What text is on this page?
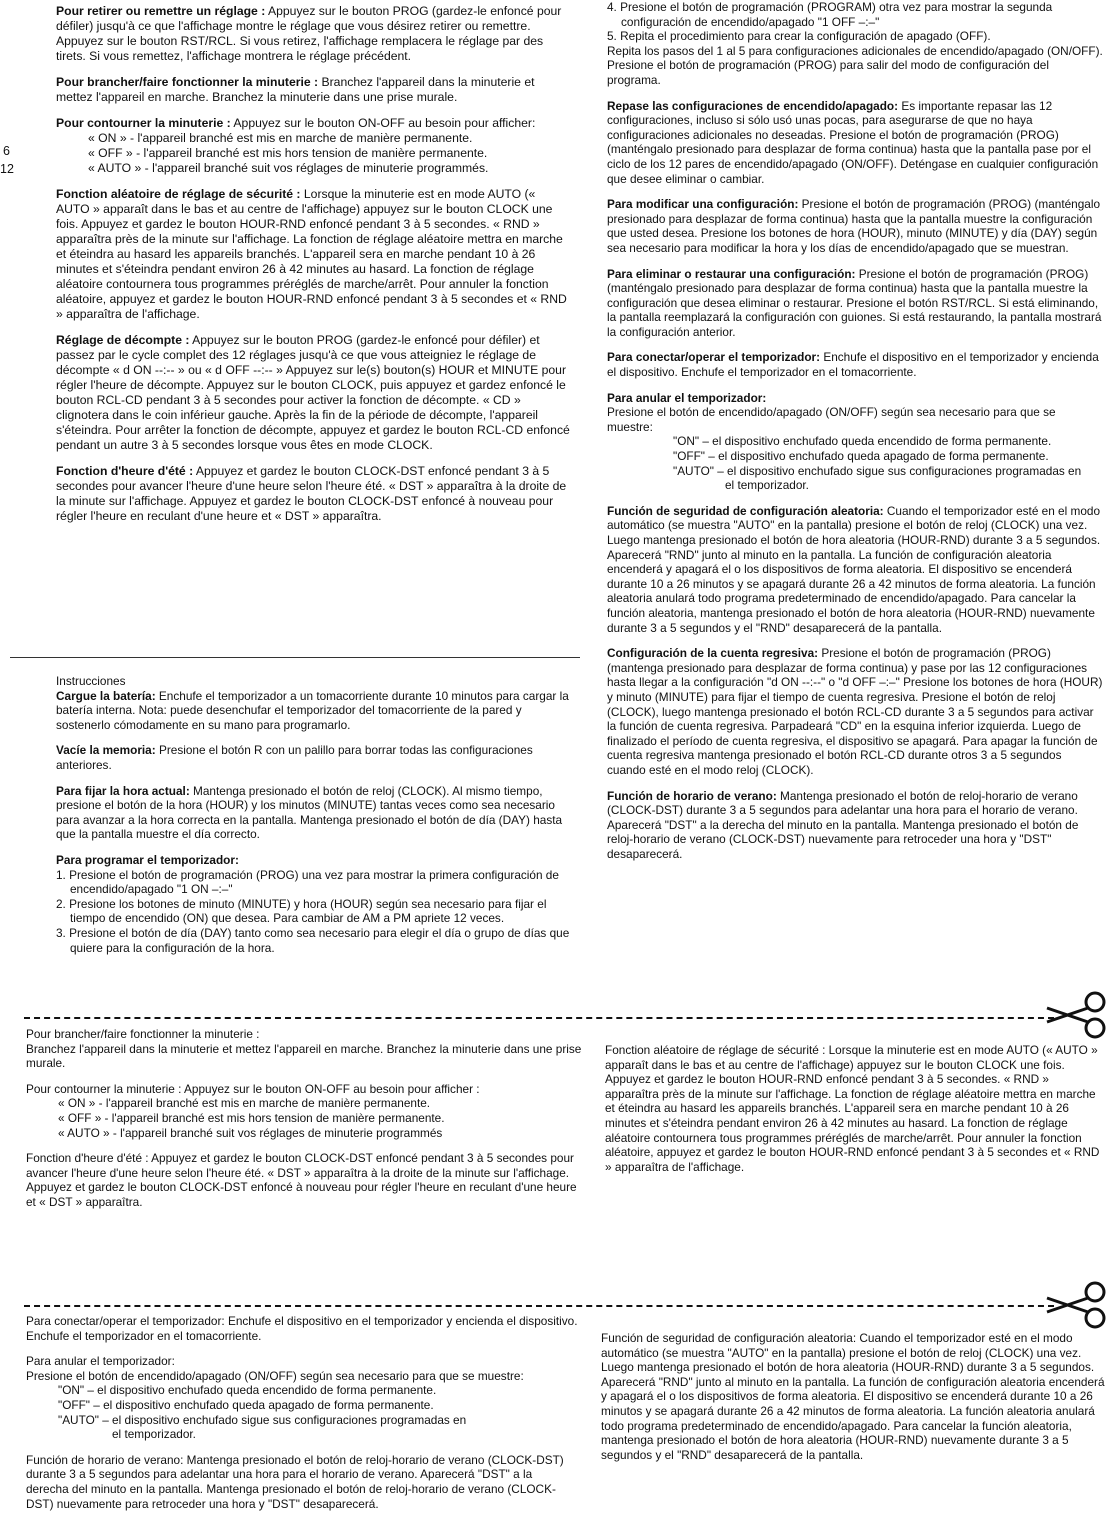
6
12

Pour retirer ou remettre un réglage : Appuyez sur le bouton PROG (gardez-le enfoncé pour défiler) jusqu'à ce que l'affichage montre le réglage que vous désirez retirer ou remettre. Appuyez sur le bouton RST/RCL. Si vous retirez, l'affichage remplacera le réglage par des tirets. Si vous remettez, l'affichage montrera le réglage précédent.

Pour brancher/faire fonctionner la minuterie : Branchez l'appareil dans la minuterie et mettez l'appareil en marche. Branchez la minuterie dans une prise murale.

Pour contourner la minuterie : Appuyez sur le bouton ON-OFF au besoin pour afficher:

« ON » - l'appareil branché est mis en marche de manière permanente.
« OFF » - l'appareil branché est mis hors tension de manière permanente.
« AUTO » - l'appareil branché suit vos réglages de minuterie programmés.

Fonction aléatoire de réglage de sécurité : Lorsque la minuterie est en mode AUTO (« AUTO » apparaît dans le bas et au centre de l'affichage) appuyez sur le bouton CLOCK une fois. Appuyez et gardez le bouton HOUR-RND enfoncé pendant 3 à 5 secondes. « RND » apparaîtra près de la minute sur l'affichage. La fonction de réglage aléatoire mettra en marche et éteindra au hasard les appareils branchés. L'appareil sera en marche pendant 10 à 26 minutes et s'éteindra pendant environ 26 à 42 minutes au hasard. La fonction de réglage aléatoire contournera tous programmes préréglés de marche/arrêt. Pour annuler la fonction aléatoire, appuyez et gardez le bouton HOUR-RND enfoncé pendant 3 à 5 secondes et « RND » apparaîtra de l'affichage.

Réglage de décompte : Appuyez sur le bouton PROG (gardez-le enfoncé pour défiler) et passez par le cycle complet des 12 réglages jusqu'à ce que vous atteigniez le réglage de décompte « d ON --:-- » ou « d OFF --:-- » Appuyez sur le(s) bouton(s) HOUR et MINUTE pour régler l'heure de décompte. Appuyez sur le bouton CLOCK, puis appuyez et gardez enfoncé le bouton RCL-CD pendant 3 à 5 secondes pour activer la fonction de décompte. « CD » clignotera dans le coin inférieur gauche. Après la fin de la période de décompte, l'appareil s'éteindra. Pour arrêter la fonction de décompte, appuyez et gardez le bouton RCL-CD enfoncé pendant un autre 3 à 5 secondes lorsque vous êtes en mode CLOCK.

Fonction d'heure d'été : Appuyez et gardez le bouton CLOCK-DST enfoncé pendant 3 à 5 secondes pour avancer l'heure d'une heure selon l'heure été. « DST » apparaîtra à la droite de la minute sur l'affichage. Appuyez et gardez le bouton CLOCK-DST enfoncé à nouveau pour régler l'heure en reculant d'une heure et « DST » apparaîtra.

Instrucciones

Cargue la batería: Enchufe el temporizador a un tomacorriente durante 10 minutos para cargar la batería interna. Nota: puede desenchufar el temporizador del tomacorriente de la pared y sostenerlo cómodamente en su mano para programarlo.

Vacíe la memoria: Presione el botón R con un palillo para borrar todas las configuraciones anteriores.

Para fijar la hora actual: Mantenga presionado el botón de reloj (CLOCK). Al mismo tiempo, presione el botón de la hora (HOUR) y los minutos (MINUTE) tantas veces como sea necesario para avanzar a la hora correcta en la pantalla. Mantenga presionado el botón de día (DAY) hasta que la pantalla muestre el día correcto.

Para programar el temporizador:
1. Presione el botón de programación (PROG) una vez para mostrar la primera configuración de encendido/apagado "1 ON –:–"
2. Presione los botones de minuto (MINUTE) y hora (HOUR) según sea necesario para fijar el tiempo de encendido (ON) que desea. Para cambiar de AM a PM apriete 12 veces.
3. Presione el botón de día (DAY) tanto como sea necesario para elegir el día o grupo de días que quiere para la configuración de la hora.
4. Presione el botón de programación (PROGRAM) otra vez para mostrar la segunda configuración de encendido/apagado "1 OFF –:–"
5. Repita el procedimiento para crear la configuración de apagado (OFF).

Repita los pasos del 1 al 5 para configuraciones adicionales de encendido/apagado (ON/OFF). Presione el botón de programación (PROG) para salir del modo de configuración del programa.

Repase las configuraciones de encendido/apagado: Es importante repasar las 12 configuraciones, incluso si sólo usó unas pocas, para asegurarse de que no haya configuraciones adicionales no deseadas. Presione el botón de programación (PROG) (manténgalo presionado para desplazar de forma continua) hasta que la pantalla pase por el ciclo de los 12 pares de encendido/apagado (ON/OFF). Deténgase en cualquier configuración que desee eliminar o cambiar.

Para modificar una configuración: Presione el botón de programación (PROG) (manténgalo presionado para desplazar de forma continua) hasta que la pantalla muestre la configuración que usted desea. Presione los botones de hora (HOUR), minuto (MINUTE) y día (DAY) según sea necesario para modificar la hora y los días de encendido/apagado que se muestran.

Para eliminar o restaurar una configuración: Presione el botón de programación (PROG) (manténgalo presionado para desplazar de forma continua) hasta que la pantalla muestre la configuración que desea eliminar o restaurar. Presione el botón RST/RCL. Si está eliminando, la pantalla reemplazará la configuración con guiones. Si está restaurando, la pantalla mostrará la configuración anterior.

Para conectar/operar el temporizador: Enchufe el dispositivo en el temporizador y encienda el dispositivo. Enchufe el temporizador en el tomacorriente.

Para anular el temporizador:
Presione el botón de encendido/apagado (ON/OFF) según sea necesario para que se muestre:
"ON" – el dispositivo enchufado queda encendido de forma permanente.
"OFF" – el dispositivo enchufado queda apagado de forma permanente.
"AUTO" – el dispositivo enchufado sigue sus configuraciones programadas en
el temporizador.

Función de seguridad de configuración aleatoria: Cuando el temporizador esté en el modo automático (se muestra "AUTO" en la pantalla) presione el botón de reloj (CLOCK) una vez. Luego mantenga presionado el botón de hora aleatoria (HOUR-RND) durante 3 a 5 segundos. Aparecerá "RND" junto al minuto en la pantalla. La función de configuración aleatoria encenderá y apagará el o los dispositivos de forma aleatoria. El dispositivo se encenderá durante 10 a 26 minutos y se apagará durante 26 a 42 minutos de forma aleatoria. La función aleatoria anulará todo programa predeterminado de encendido/apagado. Para cancelar la función aleatoria, mantenga presionado el botón de hora aleatoria (HOUR-RND) nuevamente durante 3 a 5 segundos y el "RND" desaparecerá de la pantalla.

Configuración de la cuenta regresiva: Presione el botón de programación (PROG) (mantenga presionado para desplazar de forma continua) y pase por las 12 configuraciones hasta llegar a la configuración "d ON --:--" o "d OFF –:–" Presione los botones de hora (HOUR) y minuto (MINUTE) para fijar el tiempo de cuenta regresiva. Presione el botón de reloj (CLOCK), luego mantenga presionado el botón RCL-CD durante 3 a 5 segundos para activar la función de cuenta regresiva. Parpadeará "CD" en la esquina inferior izquierda. Luego de finalizado el período de cuenta regresiva, el dispositivo se apagará. Para apagar la función de cuenta regresiva mantenga presionado el botón RCL-CD durante otros 3 a 5 segundos cuando esté en el modo reloj (CLOCK).

Función de horario de verano: Mantenga presionado el botón de reloj-horario de verano (CLOCK-DST) durante 3 a 5 segundos para adelantar una hora para el horario de verano. Aparecerá "DST" a la derecha del minuto en la pantalla. Mantenga presionado el botón de reloj-horario de verano (CLOCK-DST) nuevamente para retroceder una hora y "DST" desaparecerá.

Pour brancher/faire fonctionner la minuterie :

Branchez l'appareil dans la minuterie et mettez l'appareil en marche. Branchez la minuterie dans une prise murale.

Pour contourner la minuterie : Appuyez sur le bouton ON-OFF au besoin pour afficher :
« ON » - l'appareil branché est mis en marche de manière permanente.
« OFF » - l'appareil branché est mis hors tension de manière permanente.
« AUTO » - l'appareil branché suit vos réglages de minuterie programmés

Fonction d'heure d'été : Appuyez et gardez le bouton CLOCK-DST enfoncé pendant 3 à 5 secondes pour avancer l'heure d'une heure selon l'heure été. « DST » apparaîtra à la droite de la minute sur l'affichage. Appuyez et gardez le bouton CLOCK-DST enfoncé à nouveau pour régler l'heure en reculant d'une heure et « DST » apparaîtra.

Fonction aléatoire de réglage de sécurité : Lorsque la minuterie est en mode AUTO (« AUTO » apparaît dans le bas et au centre de l'affichage) appuyez sur le bouton CLOCK une fois. Appuyez et gardez le bouton HOUR-RND enfoncé pendant 3 à 5 secondes. « RND » apparaîtra près de la minute sur l'affichage. La fonction de réglage aléatoire mettra en marche et éteindra au hasard les appareils branchés. L'appareil sera en marche pendant 10 à 26 minutes et s'éteindra pendant environ 26 à 42 minutes au hasard. La fonction de réglage aléatoire contournera tous programmes préréglés de marche/arrêt. Pour annuler la fonction aléatoire, appuyez et gardez le bouton HOUR-RND enfoncé pendant 3 à 5 secondes et « RND » apparaîtra de l'affichage.

Para conectar/operar el temporizador: Enchufe el dispositivo en el temporizador y encienda el dispositivo. Enchufe el temporizador en el tomacorriente.

Para anular el temporizador:
Presione el botón de encendido/apagado (ON/OFF) según sea necesario para que se muestre:
"ON" – el dispositivo enchufado queda encendido de forma permanente.
"OFF" – el dispositivo enchufado queda apagado de forma permanente.
"AUTO" – el dispositivo enchufado sigue sus configuraciones programadas en
el temporizador.

Función de horario de verano: Mantenga presionado el botón de reloj-horario de verano (CLOCK-DST) durante 3 a 5 segundos para adelantar una hora para el horario de verano. Aparecerá "DST" a la derecha del minuto en la pantalla. Mantenga presionado el botón de reloj-horario de verano (CLOCK-DST) nuevamente para retroceder una hora y "DST" desaparecerá.

Función de seguridad de configuración aleatoria: Cuando el temporizador esté en el modo automático (se muestra "AUTO" en la pantalla) presione el botón de reloj (CLOCK) una vez. Luego mantenga presionado el botón de hora aleatoria (HOUR-RND) durante 3 a 5 segundos. Aparecerá "RND" junto al minuto en la pantalla. La función de configuración aleatoria encenderá y apagará el o los dispositivos de forma aleatoria. El dispositivo se encenderá durante 10 a 26 minutos y se apagará durante 26 a 42 minutos de forma aleatoria. La función aleatoria anulará todo programa predeterminado de encendido/apagado. Para cancelar la función aleatoria, mantenga presionado el botón de hora aleatoria (HOUR-RND) nuevamente durante 3 a 5 segundos y el "RND" desaparecerá de la pantalla.
